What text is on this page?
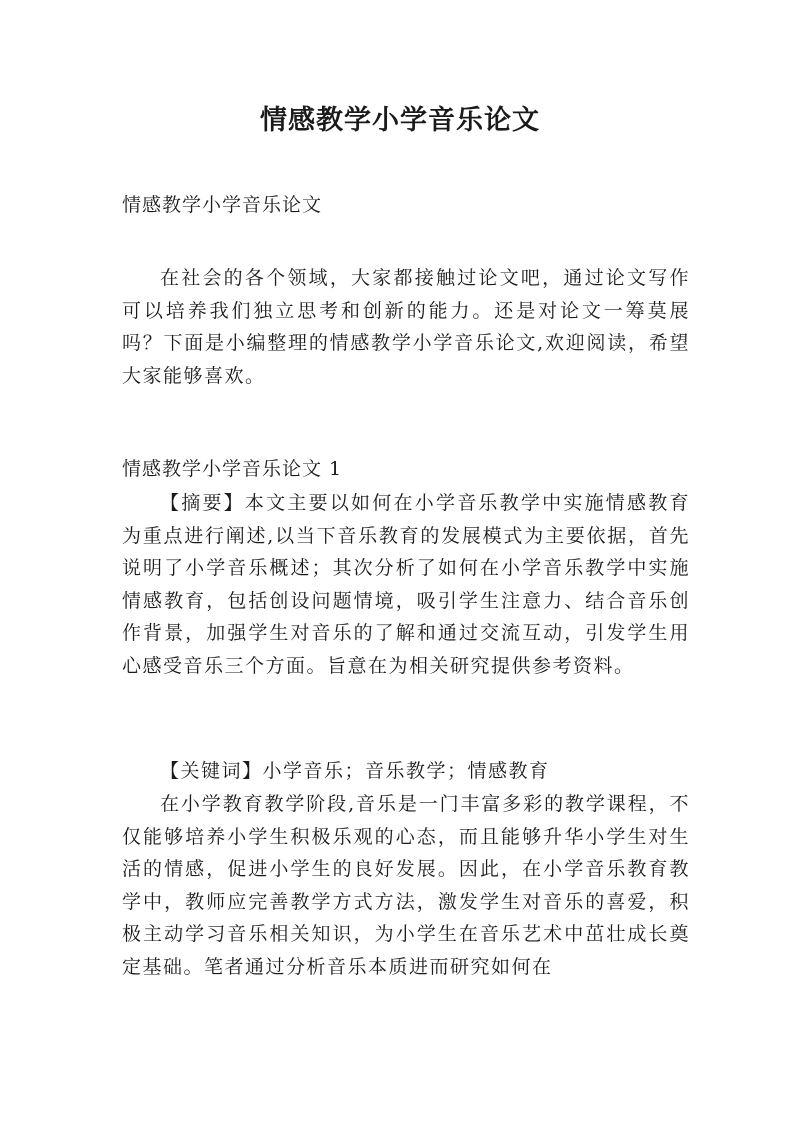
情感教学小学音乐论文

情感教学小学音乐论文

在社会的各个领域，大家都接触过论文吧，通过论文写作可以培养我们独立思考和创新的能力。还是对论文一筹莫展吗？下面是小编整理的情感教学小学音乐论文,欢迎阅读，希望大家能够喜欢。

情感教学小学音乐论文 1

【摘要】本文主要以如何在小学音乐教学中实施情感教育为重点进行阐述,以当下音乐教育的发展模式为主要依据，首先说明了小学音乐概述；其次分析了如何在小学音乐教学中实施情感教育，包括创设问题情境，吸引学生注意力、结合音乐创作背景，加强学生对音乐的了解和通过交流互动，引发学生用心感受音乐三个方面。旨意在为相关研究提供参考资料。

【关键词】小学音乐；音乐教学；情感教育

在小学教育教学阶段,音乐是一门丰富多彩的教学课程，不仅能够培养小学生积极乐观的心态，而且能够升华小学生对生活的情感，促进小学生的良好发展。因此，在小学音乐教育教学中，教师应完善教学方式方法，激发学生对音乐的喜爱，积极主动学习音乐相关知识，为小学生在音乐艺术中茁壮成长奠定基础。笔者通过分析音乐本质进而研究如何在
